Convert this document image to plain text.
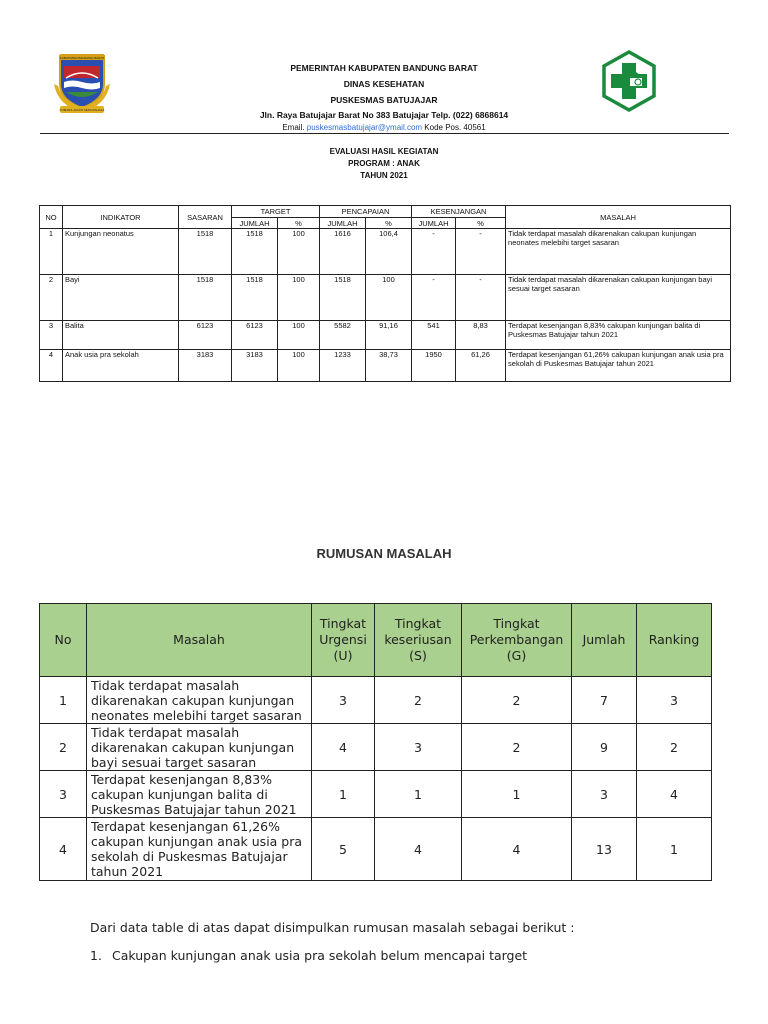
KABUPATEN BANDUNG BARAT
KUMARA JAKATI SEPA RAHALA
PEMERINTAH KABUPATEN BANDUNG BARAT
DINAS KESEHATAN
PUSKESMAS BATUJAJAR
Jln. Raya Batujajar Barat No 383 Batujajar Telp. (022) 6868614
Email. puskesmasbatujajar@ymail.com Kode Pos. 40561
EVALUASI HASIL KEGIATAN
PROGRAM : ANAK
TAHUN 2021
NO	INDIKATOR	SASARAN	TARGET		PENCAPAIAN		KESENJANGAN		MASALAH
			JUMLAH	%	JUMLAH	%	JUMLAH	%	
1	Kunjungan neonatus	1518	1518	100	1616	106,4	-	-	Tidak terdapat masalah dikarenakan cakupan kunjungan neonates melebihi target sasaran
2	Bayi	1518	1518	100	1518	100	-	-	Tidak terdapat masalah dikarenakan cakupan kunjungan bayi sesuai target sasaran
3	Balita	6123	6123	100	5582	91,16	541	8,83	Terdapat kesenjangan 8,83% cakupan kunjungan balita di Puskesmas Batujajar tahun 2021
4	Anak usia pra sekolah	3183	3183	100	1233	38,73	1950	61,26	Terdapat kesenjangan 61,26% cakupan kunjungan anak usia pra sekolah di Puskesmas Batujajar tahun 2021
RUMUSAN MASALAH
No	Masalah	Tingkat Urgensi (U)	Tingkat keseriusan (S)	Tingkat Perkembangan (G)	Jumlah	Ranking
1	Tidak terdapat masalah dikarenakan cakupan kunjungan neonates melebihi target sasaran	3	2	2	7	3
2	Tidak terdapat masalah dikarenakan cakupan kunjungan bayi sesuai target sasaran	4	3	2	9	2
3	Terdapat kesenjangan 8,83% cakupan kunjungan balita di Puskesmas Batujajar tahun 2021	1	1	1	3	4
4	Terdapat kesenjangan 61,26% cakupan kunjungan anak usia pra sekolah di Puskesmas Batujajar tahun 2021	5	4	4	13	1
Dari data table di atas dapat disimpulkan rumusan masalah sebagai berikut :
1. Cakupan kunjungan anak usia pra sekolah belum mencapai target
